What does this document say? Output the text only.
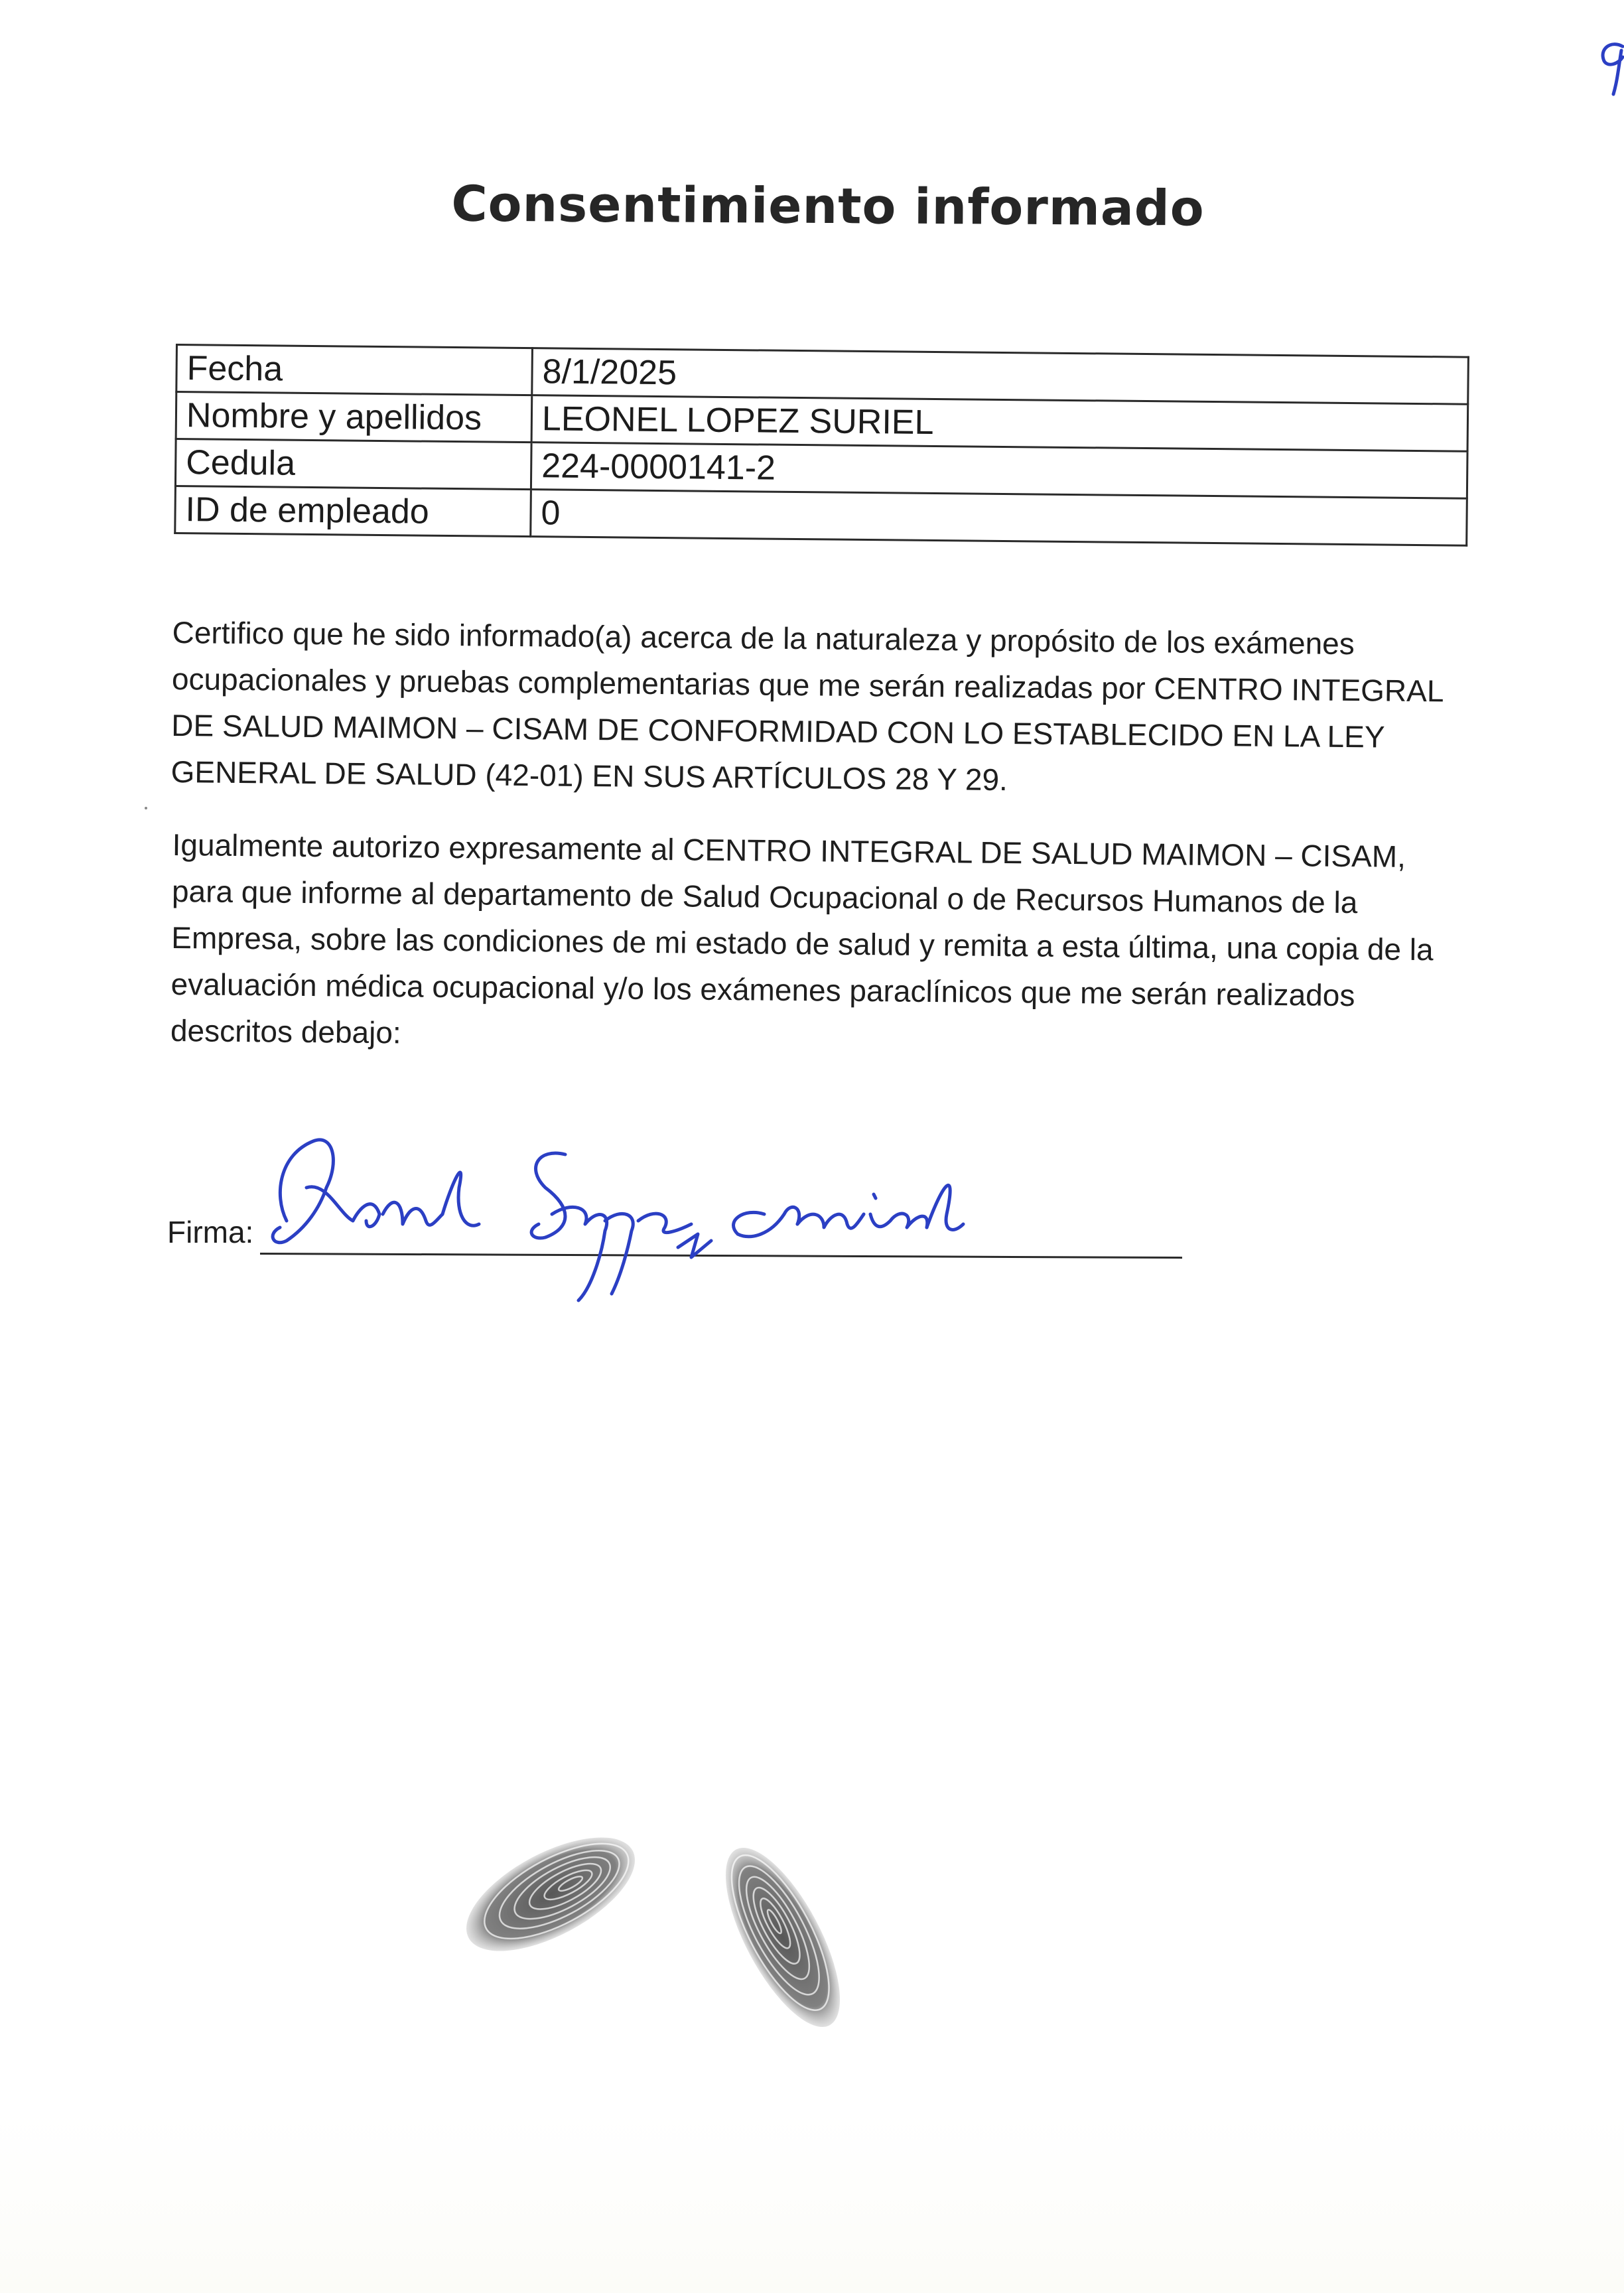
Consentimiento informado
Fecha	8/1/2025
Nombre y apellidos	LEONEL LOPEZ SURIEL
Cedula	224-0000141-2
ID de empleado	0

Certifico que he sido informado(a) acerca de la naturaleza y propósito de los exámenes ocupacionales y pruebas complementarias que me serán realizadas por CENTRO INTEGRAL DE SALUD MAIMON – CISAM DE CONFORMIDAD CON LO ESTABLECIDO EN LA LEY GENERAL DE SALUD (42-01) EN SUS ARTÍCULOS 28 Y 29.

Igualmente autorizo expresamente al CENTRO INTEGRAL DE SALUD MAIMON – CISAM, para que informe al departamento de Salud Ocupacional o de Recursos Humanos de la Empresa, sobre las condiciones de mi estado de salud y remita a esta última, una copia de la evaluación médica ocupacional y/o los exámenes paraclínicos que me serán realizados descritos debajo:

Firma:
